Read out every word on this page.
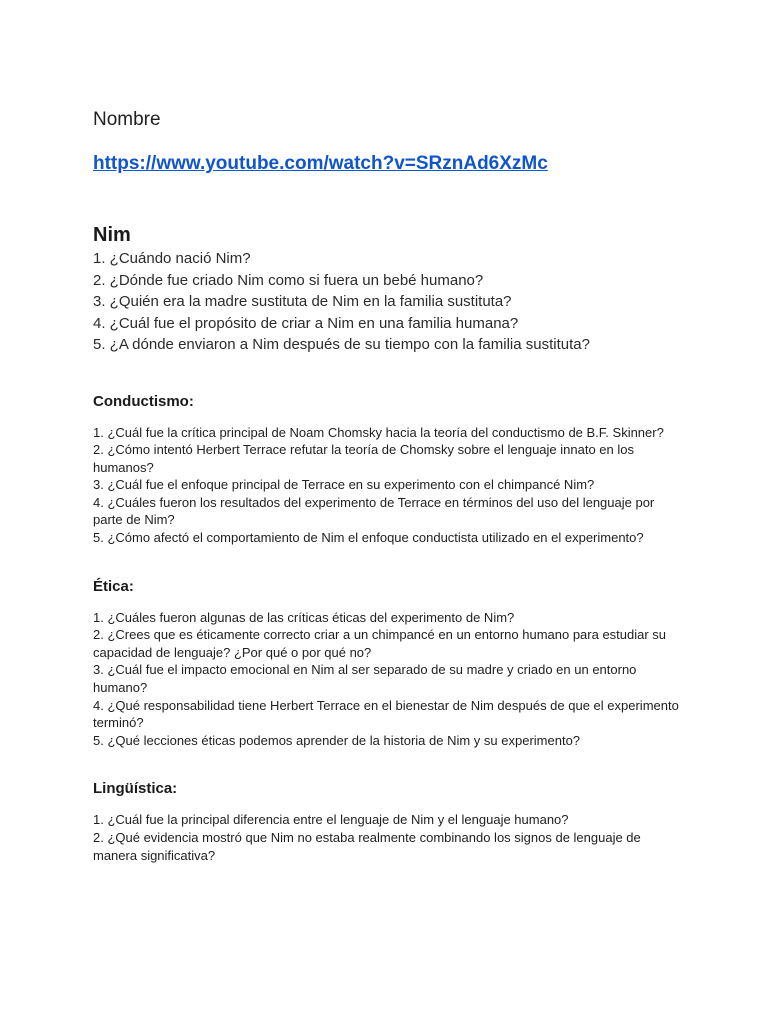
Nombre

https://www.youtube.com/watch?v=SRznAd6XzMc
Nim
1. ¿Cuándo nació Nim?
2. ¿Dónde fue criado Nim como si fuera un bebé humano?
3. ¿Quién era la madre sustituta de Nim en la familia sustituta?
4. ¿Cuál fue el propósito de criar a Nim en una familia humana?
5. ¿A dónde enviaron a Nim después de su tiempo con la familia sustituta?
Conductismo:
1. ¿Cuál fue la crítica principal de Noam Chomsky hacia la teoría del conductismo de B.F. Skinner?
2. ¿Cómo intentó Herbert Terrace refutar la teoría de Chomsky sobre el lenguaje innato en los humanos?
3. ¿Cuál fue el enfoque principal de Terrace en su experimento con el chimpancé Nim?
4. ¿Cuáles fueron los resultados del experimento de Terrace en términos del uso del lenguaje por parte de Nim?
5. ¿Cómo afectó el comportamiento de Nim el enfoque conductista utilizado en el experimento?
Ética:
1. ¿Cuáles fueron algunas de las críticas éticas del experimento de Nim?
2. ¿Crees que es éticamente correcto criar a un chimpancé en un entorno humano para estudiar su capacidad de lenguaje? ¿Por qué o por qué no?
3. ¿Cuál fue el impacto emocional en Nim al ser separado de su madre y criado en un entorno humano?
4. ¿Qué responsabilidad tiene Herbert Terrace en el bienestar de Nim después de que el experimento terminó?
5. ¿Qué lecciones éticas podemos aprender de la historia de Nim y su experimento?
Lingüística:
1. ¿Cuál fue la principal diferencia entre el lenguaje de Nim y el lenguaje humano?
2. ¿Qué evidencia mostró que Nim no estaba realmente combinando los signos de lenguaje de manera significativa?
